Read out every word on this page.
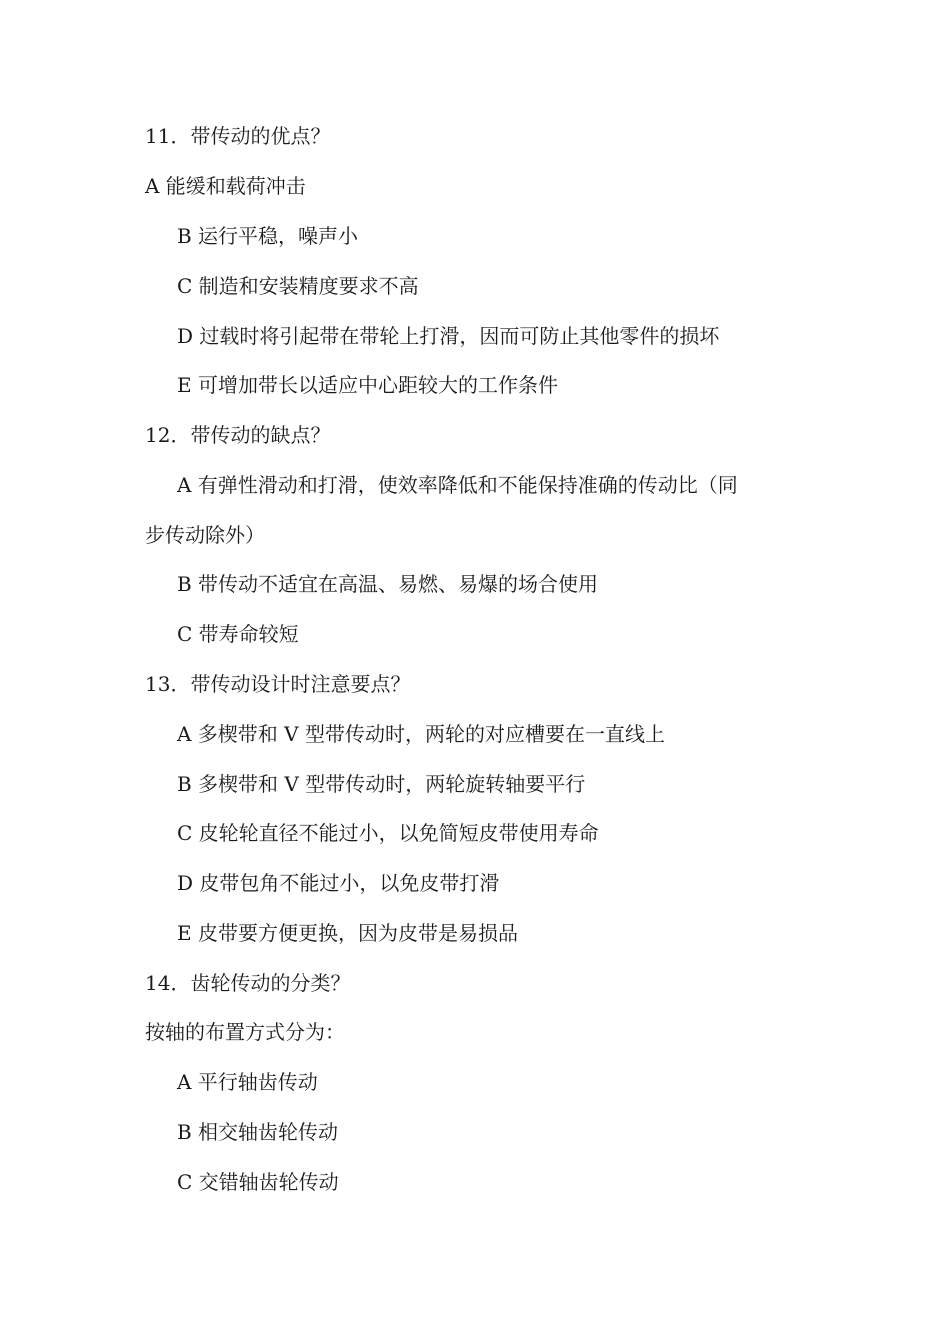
11．带传动的优点？
A 能缓和载荷冲击
B 运行平稳，噪声小
C 制造和安装精度要求不高
D 过载时将引起带在带轮上打滑，因而可防止其他零件的损坏
E 可增加带长以适应中心距较大的工作条件
12．带传动的缺点？
A 有弹性滑动和打滑，使效率降低和不能保持准确的传动比（同
步传动除外）
B 带传动不适宜在高温、易燃、易爆的场合使用
C 带寿命较短
13．带传动设计时注意要点？
A 多楔带和 V 型带传动时，两轮的对应槽要在一直线上
B 多楔带和 V 型带传动时，两轮旋转轴要平行
C 皮轮轮直径不能过小，以免简短皮带使用寿命
D 皮带包角不能过小，以免皮带打滑
E 皮带要方便更换，因为皮带是易损品
14．齿轮传动的分类？
按轴的布置方式分为：
A 平行轴齿传动
B 相交轴齿轮传动
C 交错轴齿轮传动
